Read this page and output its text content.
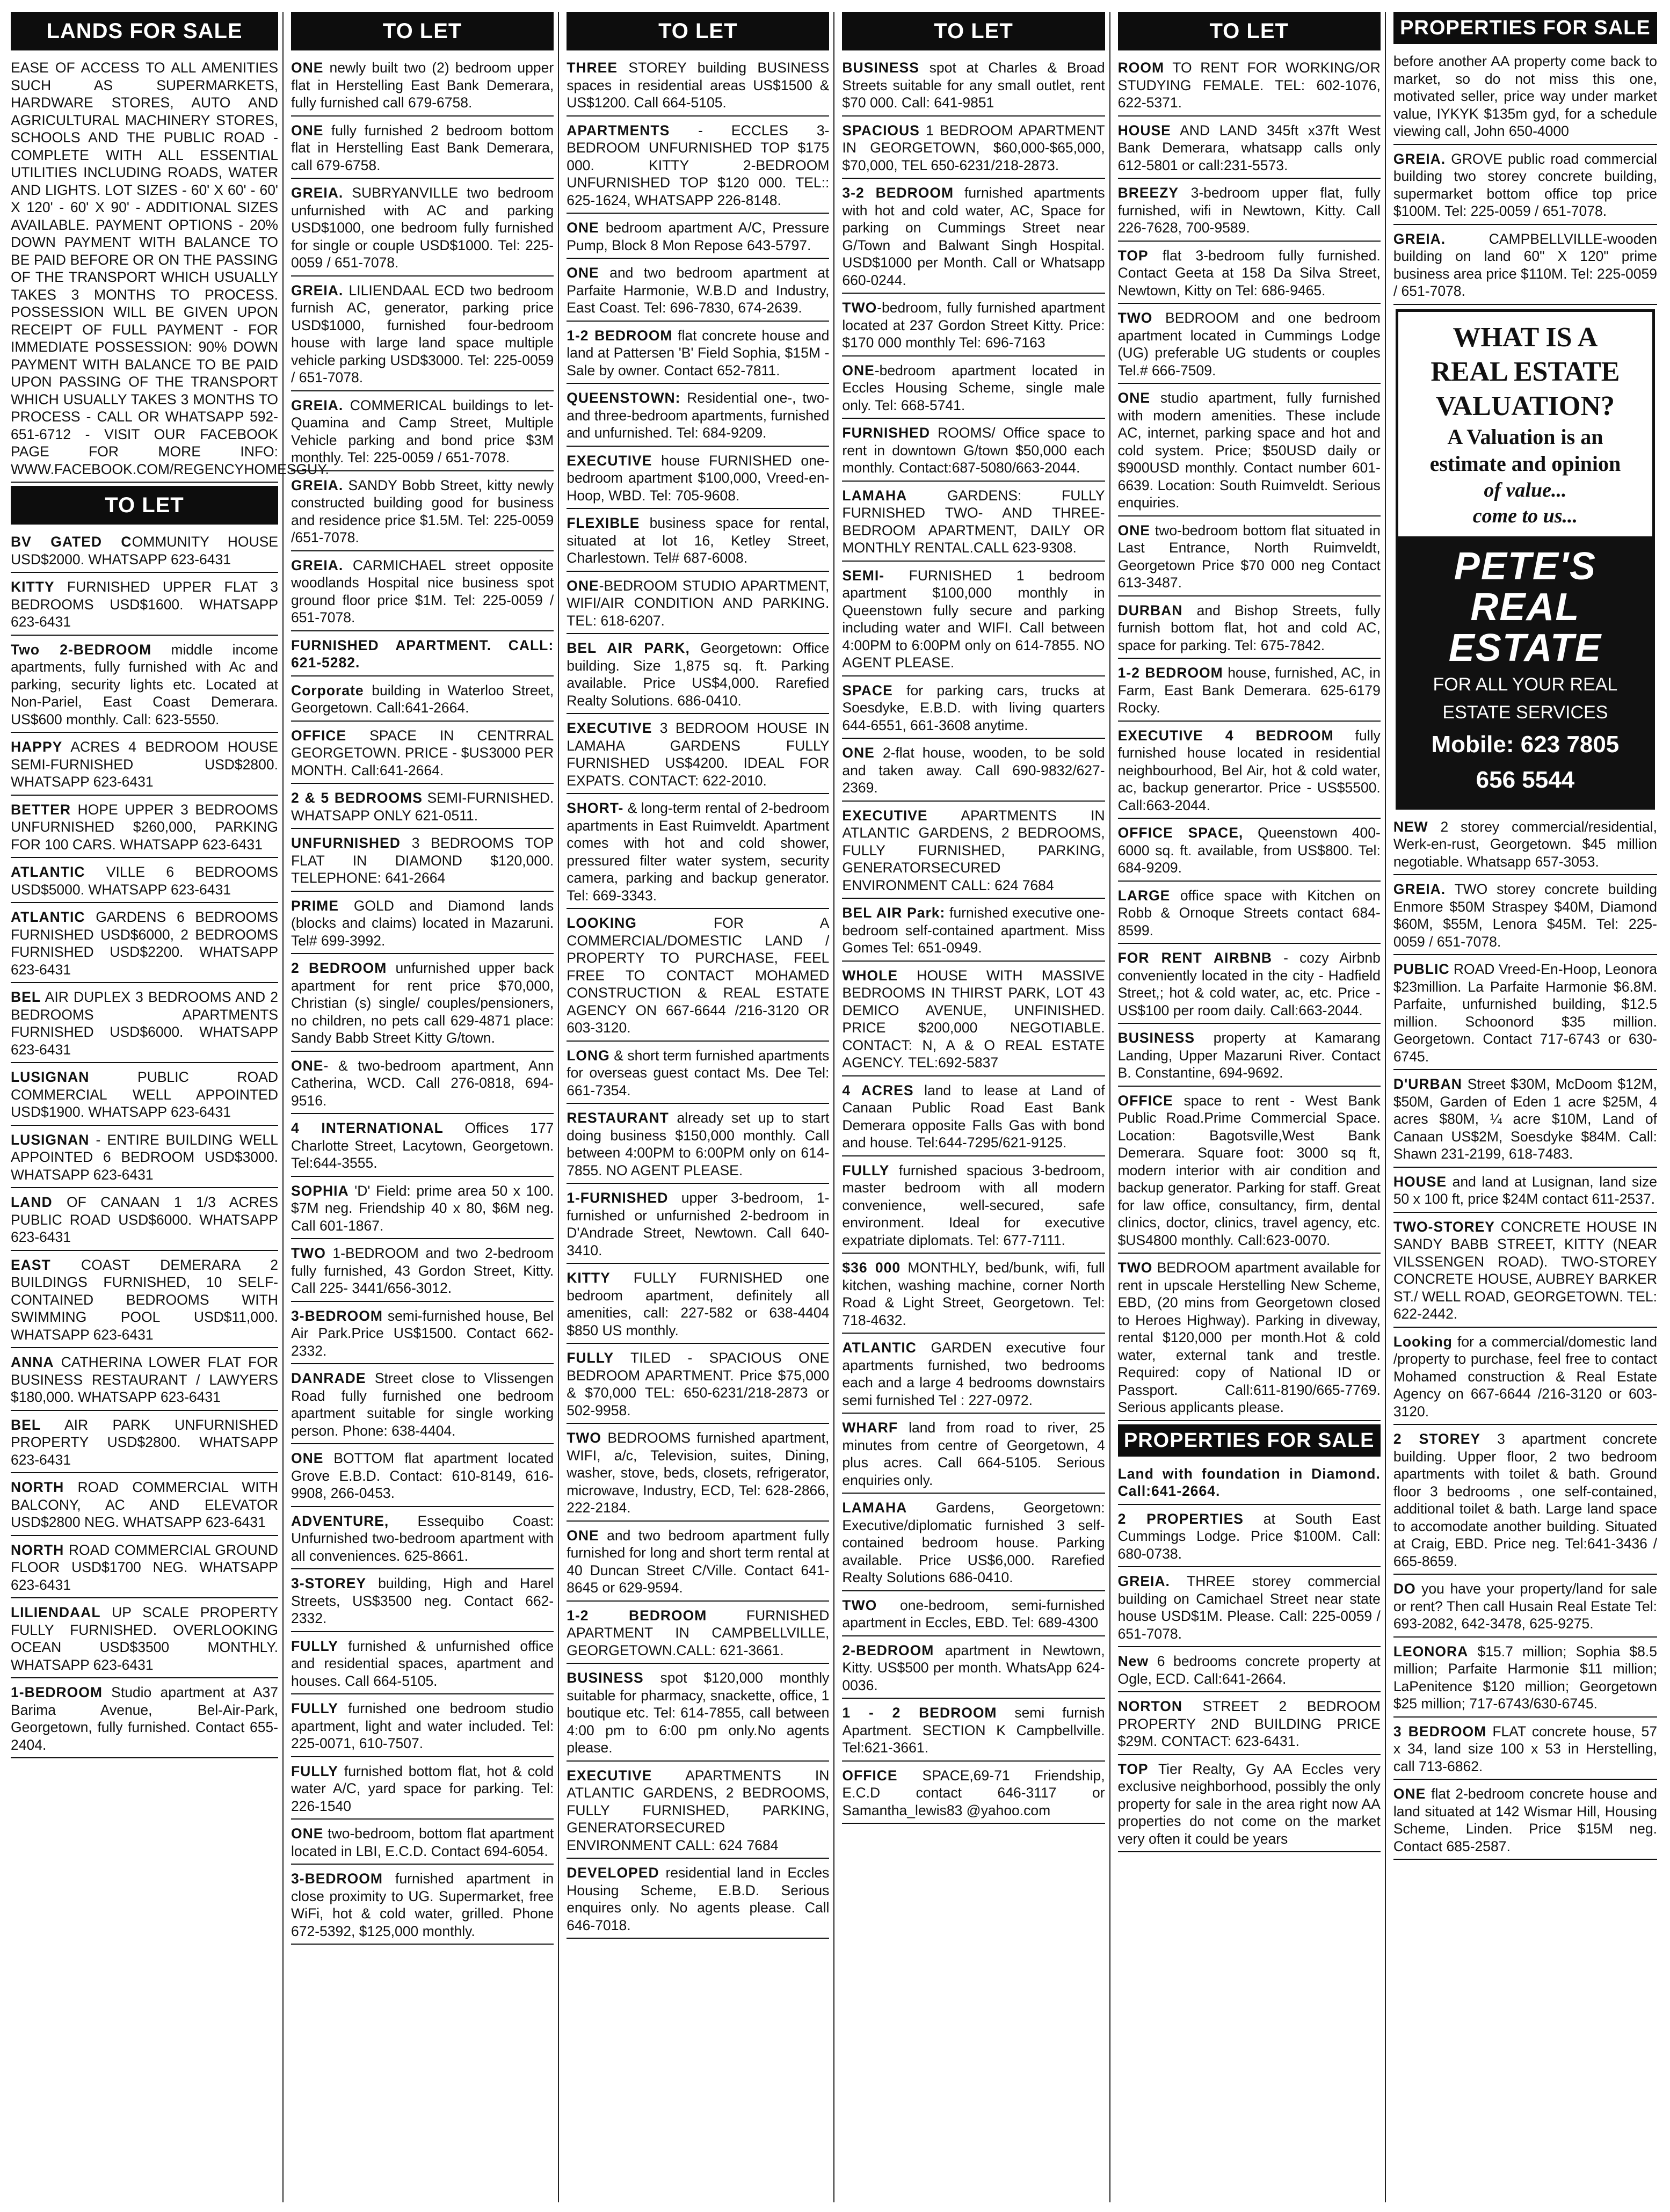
LANDS FOR SALE
EASE OF ACCESS TO ALL AMENITIES SUCH AS SUPERMARKETS, HARDWARE STORES, AUTO AND AGRICULTURAL MACHINERY STORES, SCHOOLS AND THE PUBLIC ROAD - COMPLETE WITH ALL ESSENTIAL UTILITIES INCLUDING ROADS, WATER AND LIGHTS. LOT SIZES - 60' X 60' - 60' X 120' - 60' X 90' - ADDITIONAL SIZES AVAILABLE. PAYMENT OPTIONS - 20% DOWN PAYMENT WITH BALANCE TO BE PAID BEFORE OR ON THE PASSING OF THE TRANSPORT WHICH USUALLY TAKES 3 MONTHS TO PROCESS. POSSESSION WILL BE GIVEN UPON RECEIPT OF FULL PAYMENT - FOR IMMEDIATE POSSESSION: 90% DOWN PAYMENT WITH BALANCE TO BE PAID UPON PASSING OF THE TRANSPORT WHICH USUALLY TAKES 3 MONTHS TO PROCESS - CALL OR WHATSAPP 592-651-6712 - VISIT OUR FACEBOOK PAGE FOR MORE INFO: WWW.FACEBOOK.COM/REGENCYHOMESGUY.
TO LET
BV GATED COMMUNITY HOUSE USD$2000. WHATSAPP 623-6431
KITTY FURNISHED UPPER FLAT 3 BEDROOMS USD$1600. WHATSAPP 623-6431
Two 2-BEDROOM middle income apartments, fully furnished with Ac and parking, security lights etc. Located at Non-Pariel, East Coast Demerara. US$600 monthly. Call: 623-5550.
HAPPY ACRES 4 BEDROOM HOUSE SEMI-FURNISHED USD$2800. WHATSAPP 623-6431
BETTER HOPE UPPER 3 BEDROOMS UNFURNISHED $260,000, PARKING FOR 100 CARS. WHATSAPP 623-6431
ATLANTIC VILLE 6 BEDROOMS USD$5000. WHATSAPP 623-6431
ATLANTIC GARDENS 6 BEDROOMS FURNISHED USD$6000, 2 BEDROOMS FURNISHED USD$2200. WHATSAPP 623-6431
BEL AIR DUPLEX 3 BEDROOMS AND 2 BEDROOMS APARTMENTS FURNISHED USD$6000. WHATSAPP 623-6431
LUSIGNAN PUBLIC ROAD COMMERCIAL WELL APPOINTED USD$1900. WHATSAPP 623-6431
LUSIGNAN - ENTIRE BUILDING WELL APPOINTED 6 BEDROOM USD$3000. WHATSAPP 623-6431
LAND OF CANAAN 1 1/3 ACRES PUBLIC ROAD USD$6000. WHATSAPP 623-6431
EAST COAST DEMERARA 2 BUILDINGS FURNISHED, 10 SELF-CONTAINED BEDROOMS WITH SWIMMING POOL USD$11,000. WHATSAPP 623-6431
ANNA CATHERINA LOWER FLAT FOR BUSINESS RESTAURANT / LAWYERS $180,000. WHATSAPP 623-6431
BEL AIR PARK UNFURNISHED PROPERTY USD$2800. WHATSAPP 623-6431
NORTH ROAD COMMERCIAL WITH BALCONY, AC AND ELEVATOR USD$2800 NEG. WHATSAPP 623-6431
NORTH ROAD COMMERCIAL GROUND FLOOR USD$1700 NEG. WHATSAPP 623-6431
LILIENDAAL UP SCALE PROPERTY FULLY FURNISHED. OVERLOOKING OCEAN USD$3500 MONTHLY. WHATSAPP 623-6431
1-BEDROOM Studio apartment at A37 Barima Avenue, Bel-Air-Park, Georgetown, fully furnished. Contact 655-2404.
TO LET
ONE newly built two (2) bedroom upper flat in Herstelling East Bank Demerara, fully furnished call 679-6758.
ONE fully furnished 2 bedroom bottom flat in Herstelling East Bank Demerara, call 679-6758.
GREIA. SUBRYANVILLE two bedroom unfurnished with AC and parking USD$1000, one bedroom fully furnished for single or couple USD$1000. Tel: 225-0059 / 651-7078.
GREIA. LILIENDAAL ECD two bedroom furnish AC, generator, parking price USD$1000, furnished four-bedroom house with large land space multiple vehicle parking USD$3000. Tel: 225-0059 / 651-7078.
GREIA. COMMERICAL buildings to let-Quamina and Camp Street, Multiple Vehicle parking and bond price $3M monthly. Tel: 225-0059 / 651-7078.
GREIA. SANDY Bobb Street, kitty newly constructed building good for business and residence price $1.5M. Tel: 225-0059 /651-7078.
GREIA. CARMICHAEL street opposite woodlands Hospital nice business spot ground floor price $1M. Tel: 225-0059 / 651-7078.
FURNISHED APARTMENT. CALL: 621-5282.
Corporate building in Waterloo Street, Georgetown. Call:641-2664.
OFFICE SPACE IN CENTRRAL GEORGETOWN. PRICE - $US3000 PER MONTH. Call:641-2664.
2 & 5 BEDROOMS SEMI-FURNISHED. WHATSAPP ONLY 621-0511.
UNFURNISHED 3 BEDROOMS TOP FLAT IN DIAMOND $120,000. TELEPHONE: 641-2664
PRIME GOLD and Diamond lands (blocks and claims) located in Mazaruni. Tel# 699-3992.
2 BEDROOM unfurnished upper back apartment for rent price $70,000, Christian (s) single/ couples/pensioners, no children, no pets call 629-4871 place: Sandy Babb Street Kitty G/town.
ONE- & two-bedroom apartment, Ann Catherina, WCD. Call 276-0818, 694-9516.
4 INTERNATIONAL Offices 177 Charlotte Street, Lacytown, Georgetown. Tel:644-3555.
SOPHIA 'D' Field: prime area 50 x 100. $7M neg. Friendship 40 x 80, $6M neg. Call 601-1867.
TWO 1-BEDROOM and two 2-bedroom fully furnished, 43 Gordon Street, Kitty. Call 225- 3441/656-3012.
3-BEDROOM semi-furnished house, Bel Air Park.Price US$1500. Contact 662-2332.
DANRADE Street close to Vlissengen Road fully furnished one bedroom apartment suitable for single working person. Phone: 638-4404.
ONE BOTTOM flat apartment located Grove E.B.D. Contact: 610-8149, 616-9908, 266-0453.
ADVENTURE, Essequibo Coast: Unfurnished two-bedroom apartment with all conveniences. 625-8661.
3-STOREY building, High and Harel Streets, US$3500 neg. Contact 662-2332.
FULLY furnished & unfurnished office and residential spaces, apartment and houses. Call 664-5105.
FULLY furnished one bedroom studio apartment, light and water included. Tel: 225-0071, 610-7507.
FULLY furnished bottom flat, hot & cold water A/C, yard space for parking. Tel: 226-1540
ONE two-bedroom, bottom flat apartment located in LBI, E.C.D. Contact 694-6054.
3-BEDROOM furnished apartment in close proximity to UG. Supermarket, free WiFi, hot & cold water, grilled. Phone 672-5392, $125,000 monthly.
TO LET
THREE STOREY building BUSINESS spaces in residential areas US$1500 & US$1200. Call 664-5105.
APARTMENTS - ECCLES 3-BEDROOM UNFURNISHED TOP $175 000. KITTY 2-BEDROOM UNFURNISHED TOP $120 000. TEL:: 625-1624, WHATSAPP 226-8148.
ONE bedroom apartment A/C, Pressure Pump, Block 8 Mon Repose 643-5797.
ONE and two bedroom apartment at Parfaite Harmonie, W.B.D and Industry, East Coast. Tel: 696-7830, 674-2639.
1-2 BEDROOM flat concrete house and land at Pattersen 'B' Field Sophia, $15M - Sale by owner. Contact 652-7811.
QUEENSTOWN: Residential one-, two- and three-bedroom apartments, furnished and unfurnished. Tel: 684-9209.
EXECUTIVE house FURNISHED one-bedroom apartment $100,000, Vreed-en-Hoop, WBD. Tel: 705-9608.
FLEXIBLE business space for rental, situated at lot 16, Ketley Street, Charlestown. Tel# 687-6008.
ONE-BEDROOM STUDIO APARTMENT, WIFI/AIR CONDITION AND PARKING. TEL: 618-6207.
BEL AIR PARK, Georgetown: Office building. Size 1,875 sq. ft. Parking available. Price US$4,000. Rarefied Realty Solutions. 686-0410.
EXECUTIVE 3 BEDROOM HOUSE IN LAMAHA GARDENS FULLY FURNISHED US$4200. IDEAL FOR EXPATS. CONTACT: 622-2010.
SHORT- & long-term rental of 2-bedroom apartments in East Ruimveldt. Apartment comes with hot and cold shower, pressured filter water system, security camera, parking and backup generator. Tel: 669-3343.
LOOKING FOR A COMMERCIAL/DOMESTIC LAND / PROPERTY TO PURCHASE, FEEL FREE TO CONTACT MOHAMED CONSTRUCTION & REAL ESTATE AGENCY ON 667-6644 /216-3120 OR 603-3120.
LONG & short term furnished apartments for overseas guest contact Ms. Dee Tel: 661-7354.
RESTAURANT already set up to start doing business $150,000 monthly. Call between 4:00PM to 6:00PM only on 614-7855. NO AGENT PLEASE.
1-FURNISHED upper 3-bedroom, 1-furnished or unfurnished 2-bedroom in D'Andrade Street, Newtown. Call 640-3410.
KITTY FULLY FURNISHED one bedroom apartment, definitely all amenities, call: 227-582 or 638-4404 $850 US monthly.
FULLY TILED - SPACIOUS ONE BEDROOM APARTMENT. Price $75,000 & $70,000 TEL: 650-6231/218-2873 or 502-9958.
TWO BEDROOMS furnished apartment, WIFI, a/c, Television, suites, Dining, washer, stove, beds, closets, refrigerator, microwave, Industry, ECD, Tel: 628-2866, 222-2184.
ONE and two bedroom apartment fully furnished for long and short term rental at 40 Duncan Street C/Ville. Contact 641-8645 or 629-9594.
1-2 BEDROOM FURNISHED APARTMENT IN CAMPBELLVILLE, GEORGETOWN.CALL: 621-3661.
BUSINESS spot $120,000 monthly suitable for pharmacy, snackette, office, 1 boutique etc. Tel: 614-7855, call between 4:00 pm to 6:00 pm only.No agents please.
EXECUTIVE APARTMENTS IN ATLANTIC GARDENS, 2 BEDROOMS, FULLY FURNISHED, PARKING, GENERATORSECURED ENVIRONMENT CALL: 624 7684
DEVELOPED residential land in Eccles Housing Scheme, E.B.D. Serious enquires only. No agents please. Call 646-7018.
TO LET
BUSINESS spot at Charles & Broad Streets suitable for any small outlet, rent $70 000. Call: 641-9851
SPACIOUS 1 BEDROOM APARTMENT IN GEORGETOWN, $60,000-$65,000, $70,000, TEL 650-6231/218-2873.
3-2 BEDROOM furnished apartments with hot and cold water, AC, Space for parking on Cummings Street near G/Town and Balwant Singh Hospital. USD$1000 per Month. Call or Whatsapp 660-0244.
TWO-bedroom, fully furnished apartment located at 237 Gordon Street Kitty. Price: $170 000 monthly Tel: 696-7163
ONE-bedroom apartment located in Eccles Housing Scheme, single male only. Tel: 668-5741.
FURNISHED ROOMS/ Office space to rent in downtown G/town $50,000 each monthly. Contact:687-5080/663-2044.
LAMAHA GARDENS: FULLY FURNISHED TWO- AND THREE-BEDROOM APARTMENT, DAILY OR MONTHLY RENTAL.CALL 623-9308.
SEMI- FURNISHED 1 bedroom apartment $100,000 monthly in Queenstown fully secure and parking including water and WIFI. Call between 4:00PM to 6:00PM only on 614-7855. NO AGENT PLEASE.
SPACE for parking cars, trucks at Soesdyke, E.B.D. with living quarters 644-6551, 661-3608 anytime.
ONE 2-flat house, wooden, to be sold and taken away. Call 690-9832/627-2369.
EXECUTIVE APARTMENTS IN ATLANTIC GARDENS, 2 BEDROOMS, FULLY FURNISHED, PARKING, GENERATORSECURED ENVIRONMENT CALL: 624 7684
BEL AIR Park: furnished executive one-bedroom self-contained apartment. Miss Gomes Tel: 651-0949.
WHOLE HOUSE WITH MASSIVE BEDROOMS IN THIRST PARK, LOT 43 DEMICO AVENUE, UNFINISHED. PRICE $200,000 NEGOTIABLE. CONTACT: N, A & O REAL ESTATE AGENCY. TEL:692-5837
4 ACRES land to lease at Land of Canaan Public Road East Bank Demerara opposite Falls Gas with bond and house. Tel:644-7295/621-9125.
FULLY furnished spacious 3-bedroom, master bedroom with all modern convenience, well-secured, safe environment. Ideal for executive expatriate diplomats. Tel: 677-7111.
$36 000 MONTHLY, bed/bunk, wifi, full kitchen, washing machine, corner North Road & Light Street, Georgetown. Tel: 718-4632.
ATLANTIC GARDEN executive four apartments furnished, two bedrooms each and a large 4 bedrooms downstairs semi furnished Tel : 227-0972.
WHARF land from road to river, 25 minutes from centre of Georgetown, 4 plus acres. Call 664-5105. Serious enquiries only.
LAMAHA Gardens, Georgetown: Executive/diplomatic furnished 3 self-contained bedroom house. Parking available. Price US$6,000. Rarefied Realty Solutions 686-0410.
TWO one-bedroom, semi-furnished apartment in Eccles, EBD. Tel: 689-4300
2-BEDROOM apartment in Newtown, Kitty. US$500 per month. WhatsApp 624-0036.
1 - 2 BEDROOM semi furnish Apartment. SECTION K Campbellville. Tel:621-3661.
OFFICE SPACE,69-71 Friendship, E.C.D contact 646-3117 or Samantha_lewis83 @yahoo.com
TO LET
ROOM TO RENT FOR WORKING/OR STUDYING FEMALE. TEL: 602-1076, 622-5371.
HOUSE AND LAND 345ft x37ft West Bank Demerara, whatsapp calls only 612-5801 or call:231-5573.
BREEZY 3-bedroom upper flat, fully furnished, wifi in Newtown, Kitty. Call 226-7628, 700-9589.
TOP flat 3-bedroom fully furnished. Contact Geeta at 158 Da Silva Street, Newtown, Kitty on Tel: 686-9465.
TWO BEDROOM and one bedroom apartment located in Cummings Lodge (UG) preferable UG students or couples Tel.# 666-7509.
ONE studio apartment, fully furnished with modern amenities. These include AC, internet, parking space and hot and cold system. Price; $50USD daily or $900USD monthly. Contact number 601-6639. Location: South Ruimveldt. Serious enquiries.
ONE two-bedroom bottom flat situated in Last Entrance, North Ruimveldt, Georgetown Price $70 000 neg Contact 613-3487.
DURBAN and Bishop Streets, fully furnish bottom flat, hot and cold AC, space for parking. Tel: 675-7842.
1-2 BEDROOM house, furnished, AC, in Farm, East Bank Demerara. 625-6179 Rocky.
EXECUTIVE 4 BEDROOM fully furnished house located in residential neighbourhood, Bel Air, hot & cold water, ac, backup generartor. Price - US$5500. Call:663-2044.
OFFICE SPACE, Queenstown 400-6000 sq. ft. available, from US$800. Tel: 684-9209.
LARGE office space with Kitchen on Robb & Ornoque Streets contact 684-8599.
FOR RENT AIRBNB - cozy Airbnb conveniently located in the city - Hadfield Street,; hot & cold water, ac, etc. Price - US$100 per room daily. Call:663-2044.
BUSINESS property at Kamarang Landing, Upper Mazaruni River. Contact B. Constantine, 694-9692.
OFFICE space to rent - West Bank Public Road.Prime Commercial Space. Location: Bagotsville,West Bank Demerara. Square foot: 3000 sq ft, modern interior with air condition and backup generator. Parking for staff. Great for law office, consultancy, firm, dental clinics, doctor, clinics, travel agency, etc. $US4800 monthly. Call:623-0070.
TWO BEDROOM apartment available for rent in upscale Herstelling New Scheme, EBD, (20 mins from Georgetown closed to Heroes Highway). Parking in diveway, rental $120,000 per month.Hot & cold water, external tank and trestle. Required: copy of National ID or Passport. Call:611-8190/665-7769. Serious applicants please.
PROPERTIES FOR SALE
Land with foundation in Diamond. Call:641-2664.
2 PROPERTIES at South East Cummings Lodge. Price $100M. Call: 680-0738.
GREIA. THREE storey commercial building on Camichael Street near state house USD$1M. Please. Call: 225-0059 / 651-7078.
New 6 bedrooms concrete property at Ogle, ECD. Call:641-2664.
NORTON STREET 2 BEDROOM PROPERTY 2ND BUILDING PRICE $29M. CONTACT: 623-6431.
TOP Tier Realty, Gy AA Eccles very exclusive neighborhood, possibly the only property for sale in the area right now AA properties do not come on the market very often it could be years
PROPERTIES FOR SALE
before another AA property come back to market, so do not miss this one, motivated seller, price way under market value, IYKYK $135m gyd, for a schedule viewing call, John 650-4000
GREIA. GROVE public road commercial building two storey concrete building, supermarket bottom office top price $100M. Tel: 225-0059 / 651-7078.
GREIA. CAMPBELLVILLE-wooden building on land 60" X 120" prime business area price $110M. Tel: 225-0059 / 651-7078.
WHAT IS A
REAL ESTATE
VALUATION?
A Valuation is an
estimate and opinion
of value...
come to us...
PETE'S
REAL ESTATE
FOR ALL YOUR REAL
ESTATE SERVICES
Mobile: 623 7805
656 5544
NEW 2 storey commercial/residential, Werk-en-rust, Georgetown. $45 million negotiable. Whatsapp 657-3053.
GREIA. TWO storey concrete building Enmore $50M Straspey $40M, Diamond $60M, $55M, Lenora $45M. Tel: 225-0059 / 651-7078.
PUBLIC ROAD Vreed-En-Hoop, Leonora $23million. La Parfaite Harmonie $6.8M. Parfaite, unfurnished building, $12.5 million. Schoonord $35 million. Georgetown. Contact 717-6743 or 630-6745.
D'URBAN Street $30M, McDoom $12M, $50M, Garden of Eden 1 acre $25M, 4 acres $80M, ¼ acre $10M, Land of Canaan US$2M, Soesdyke $84M. Call: Shawn 231-2199, 618-7483.
HOUSE and land at Lusignan, land size 50 x 100 ft, price $24M contact 611-2537.
TWO-STOREY CONCRETE HOUSE IN SANDY BABB STREET, KITTY (NEAR VILSSENGEN ROAD). TWO-STOREY CONCRETE HOUSE, AUBREY BARKER ST./ WELL ROAD, GEORGETOWN. TEL: 622-2442.
Looking for a commercial/domestic land /property to purchase, feel free to contact Mohamed construction & Real Estate Agency on 667-6644 /216-3120 or 603-3120.
2 STOREY 3 apartment concrete building. Upper floor, 2 two bedroom apartments with toilet & bath. Ground floor 3 bedrooms , one self-contained, additional toilet & bath. Large land space to accomodate another building. Situated at Craig, EBD. Price neg. Tel:641-3436 / 665-8659.
DO you have your property/land for sale or rent? Then call Husain Real Estate Tel: 693-2082, 642-3478, 625-9275.
LEONORA $15.7 million; Sophia $8.5 million; Parfaite Harmonie $11 million; LaPenitence $120 million; Georgetown $25 million; 717-6743/630-6745.
3 BEDROOM FLAT concrete house, 57 x 34, land size 100 x 53 in Herstelling, call 713-6862.
ONE flat 2-bedroom concrete house and land situated at 142 Wismar Hill, Housing Scheme, Linden. Price $15M neg. Contact 685-2587.
